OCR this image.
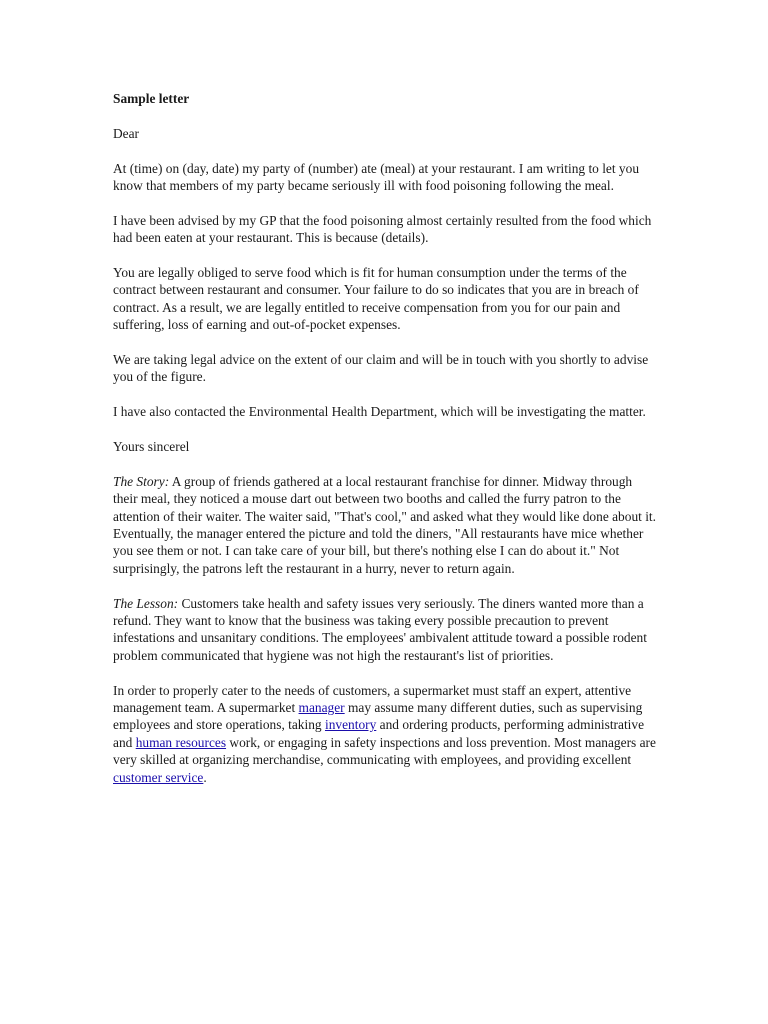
Sample letter

Dear

At (time) on (day, date) my party of (number) ate (meal) at your restaurant. I am writing to let you know that members of my party became seriously ill with food poisoning following the meal.

I have been advised by my GP that the food poisoning almost certainly resulted from the food which had been eaten at your restaurant. This is because (details).

You are legally obliged to serve food which is fit for human consumption under the terms of the contract between restaurant and consumer. Your failure to do so indicates that you are in breach of contract. As a result, we are legally entitled to receive compensation from you for our pain and suffering, loss of earning and out-of-pocket expenses.

We are taking legal advice on the extent of our claim and will be in touch with you shortly to advise you of the figure.

I have also contacted the Environmental Health Department, which will be investigating the matter.

Yours sincerel

The Story: A group of friends gathered at a local restaurant franchise for dinner. Midway through their meal, they noticed a mouse dart out between two booths and called the furry patron to the attention of their waiter. The waiter said, "That's cool," and asked what they would like done about it. Eventually, the manager entered the picture and told the diners, "All restaurants have mice whether you see them or not. I can take care of your bill, but there's nothing else I can do about it." Not surprisingly, the patrons left the restaurant in a hurry, never to return again.

The Lesson: Customers take health and safety issues very seriously. The diners wanted more than a refund. They want to know that the business was taking every possible precaution to prevent infestations and unsanitary conditions. The employees' ambivalent attitude toward a possible rodent problem communicated that hygiene was not high the restaurant's list of priorities.

In order to properly cater to the needs of customers, a supermarket must staff an expert, attentive management team. A supermarket manager may assume many different duties, such as supervising employees and store operations, taking inventory and ordering products, performing administrative and human resources work, or engaging in safety inspections and loss prevention. Most managers are very skilled at organizing merchandise, communicating with employees, and providing excellent customer service.
